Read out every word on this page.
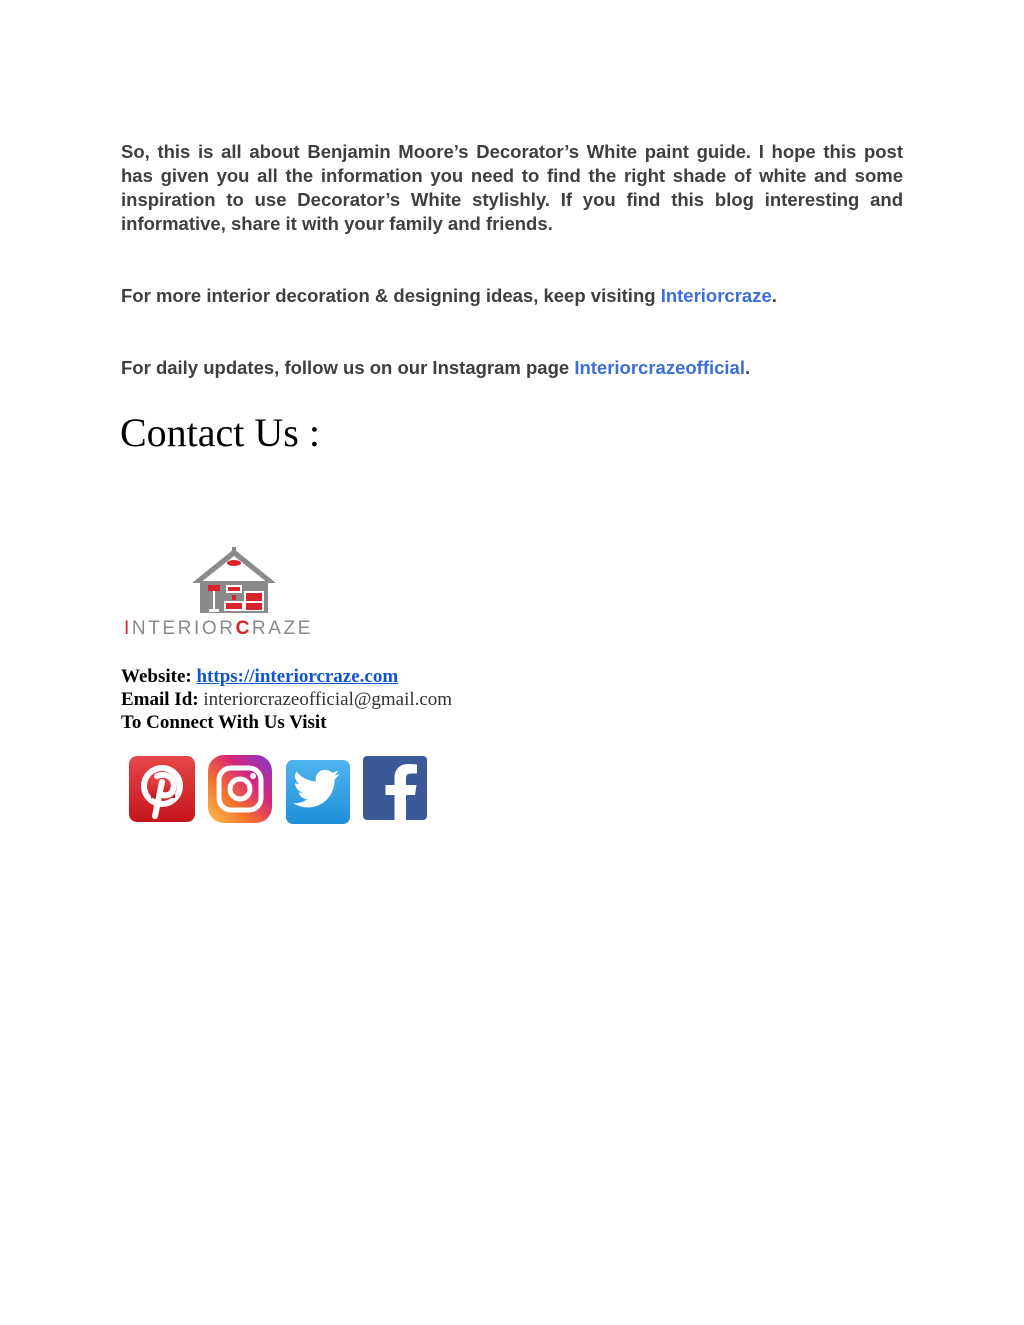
So, this is all about Benjamin Moore’s Decorator’s White paint guide. I hope this post has given you all the information you need to find the right shade of white and some inspiration to use Decorator’s White stylishly. If you find this blog interesting and informative, share it with your family and friends.

For more interior decoration & designing ideas, keep visiting Interiorcraze.

For daily updates, follow us on our Instagram page Interiorcrazeofficial.

Contact Us :
INTERIORCRAZE

Website: https://interiorcraze.com

Email Id: interiorcrazeofficial@gmail.com

To Connect With Us Visit
